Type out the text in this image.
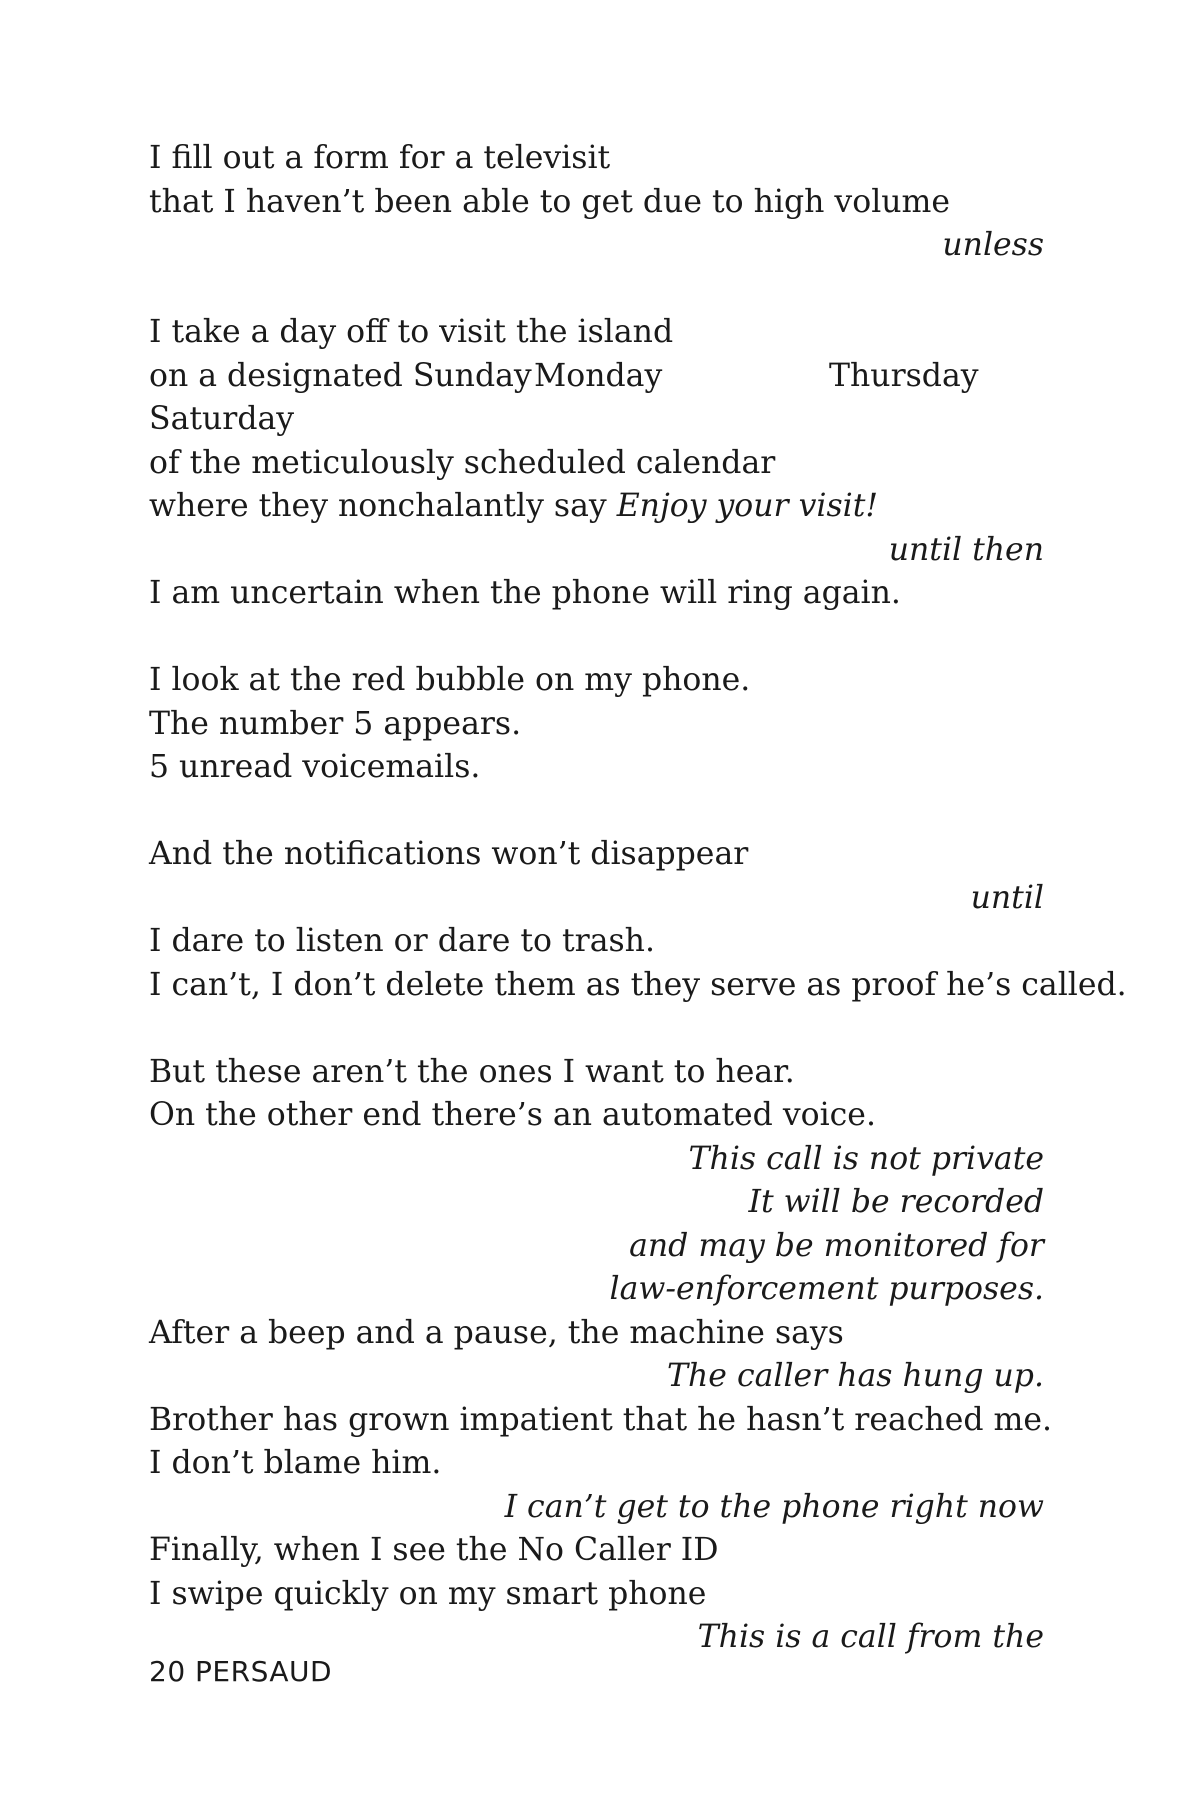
I fill out a form for a televisit
that I haven’t been able to get due to high volume
unless
I take a day off to visit the island
on a designated Sunday Monday	Thursday
Saturday
of the meticulously scheduled calendar
where they nonchalantly say Enjoy your visit!
until then
I am uncertain when the phone will ring again.
I look at the red bubble on my phone.
The number 5 appears.
5 unread voicemails.
And the notifications won’t disappear
until
I dare to listen or dare to trash.
I can’t, I don’t delete them as they serve as proof he’s called.
But these aren’t the ones I want to hear.
On the other end there’s an automated voice.
This call is not private
It will be recorded
and may be monitored for
law-enforcement purposes.
After a beep and a pause, the machine says
The caller has hung up.
Brother has grown impatient that he hasn’t reached me.
I don’t blame him.
I can’t get to the phone right now
Finally, when I see the No Caller ID
I swipe quickly on my smart phone
This is a call from the
20 PERSAUD
